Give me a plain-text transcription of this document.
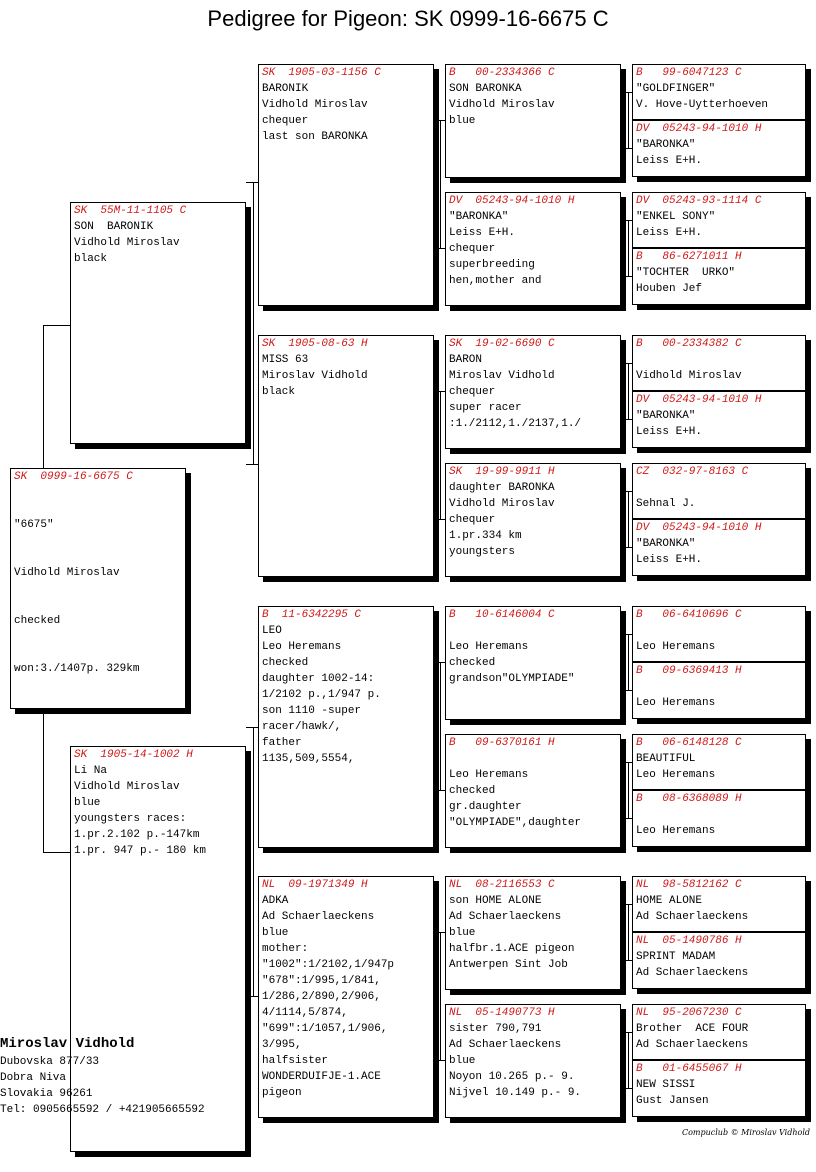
Pedigree for Pigeon: SK 0999-16-6675 C
SK  0999-16-6675 C

"6675"

Vidhold Miroslav

checked

won:3./1407p. 329km

SK  55M-11-1105 C
SON  BARONIK
Vidhold Miroslav
black
SK  1905-14-1002 H
Li Na
Vidhold Miroslav
blue
youngsters races:
1.pr.2.102 p.-147km
1.pr. 947 p.- 180 km
SK  1905-03-1156 C
BARONIK
Vidhold Miroslav
chequer
last son BARONKA
SK  1905-08-63 H
MISS 63
Miroslav Vidhold
black
B  11-6342295 C
LEO
Leo Heremans
checked
daughter 1002-14:
1/2102 p.,1/947 p.
son 1110 -super
racer/hawk/,
father
1135,509,5554,
NL  09-1971349 H
ADKA
Ad Schaerlaeckens
blue
mother:
"1002":1/2102,1/947p
"678":1/995,1/841,
1/286,2/890,2/906,
4/1114,5/874,
"699":1/1057,1/906,
3/995,
halfsister
WONDERDUIFJE-1.ACE
pigeon
B   00-2334366 C
SON BARONKA
Vidhold Miroslav
blue
DV  05243-94-1010 H
"BARONKA"
Leiss E+H.
chequer
superbreeding
hen,mother and
SK  19-02-6690 C
BARON
Miroslav Vidhold
chequer
super racer
:1./2112,1./2137,1./
SK  19-99-9911 H
daughter BARONKA
Vidhold Miroslav
chequer
1.pr.334 km
youngsters
B   10-6146004 C
Leo Heremans
checked
grandson"OLYMPIADE"
B   09-6370161 H
Leo Heremans
checked
gr.daughter
"OLYMPIADE",daughter
NL  08-2116553 C
son HOME ALONE
Ad Schaerlaeckens
blue
halfbr.1.ACE pigeon
Antwerpen Sint Job
NL  05-1490773 H
sister 790,791
Ad Schaerlaeckens
blue
Noyon 10.265 p.- 9.
Nijvel 10.149 p.- 9.
B   99-6047123 C
"GOLDFINGER"
V. Hove-Uytterhoeven
DV  05243-94-1010 H
"BARONKA"
Leiss E+H.
DV  05243-93-1114 C
"ENKEL SONY"
Leiss E+H.
B   86-6271011 H
"TOCHTER  URKO"
Houben Jef
B   00-2334382 C
Vidhold Miroslav
DV  05243-94-1010 H
"BARONKA"
Leiss E+H.
CZ  032-97-8163 C
Sehnal J.
DV  05243-94-1010 H
"BARONKA"
Leiss E+H.
B   06-6410696 C
Leo Heremans
B   09-6369413 H
Leo Heremans
B   06-6148128 C
BEAUTIFUL
Leo Heremans
B   08-6368089 H
Leo Heremans
NL  98-5812162 C
HOME ALONE
Ad Schaerlaeckens
NL  05-1490786 H
SPRINT MADAM
Ad Schaerlaeckens
NL  95-2067230 C
Brother  ACE FOUR
Ad Schaerlaeckens
B   01-6455067 H
NEW SISSI
Gust Jansen
Miroslav Vidhold
Dubovska 877/33
Dobra Niva
Slovakia 96261
Tel: 0905665592 / +421905665592
Compuclub © Miroslav Vidhold
